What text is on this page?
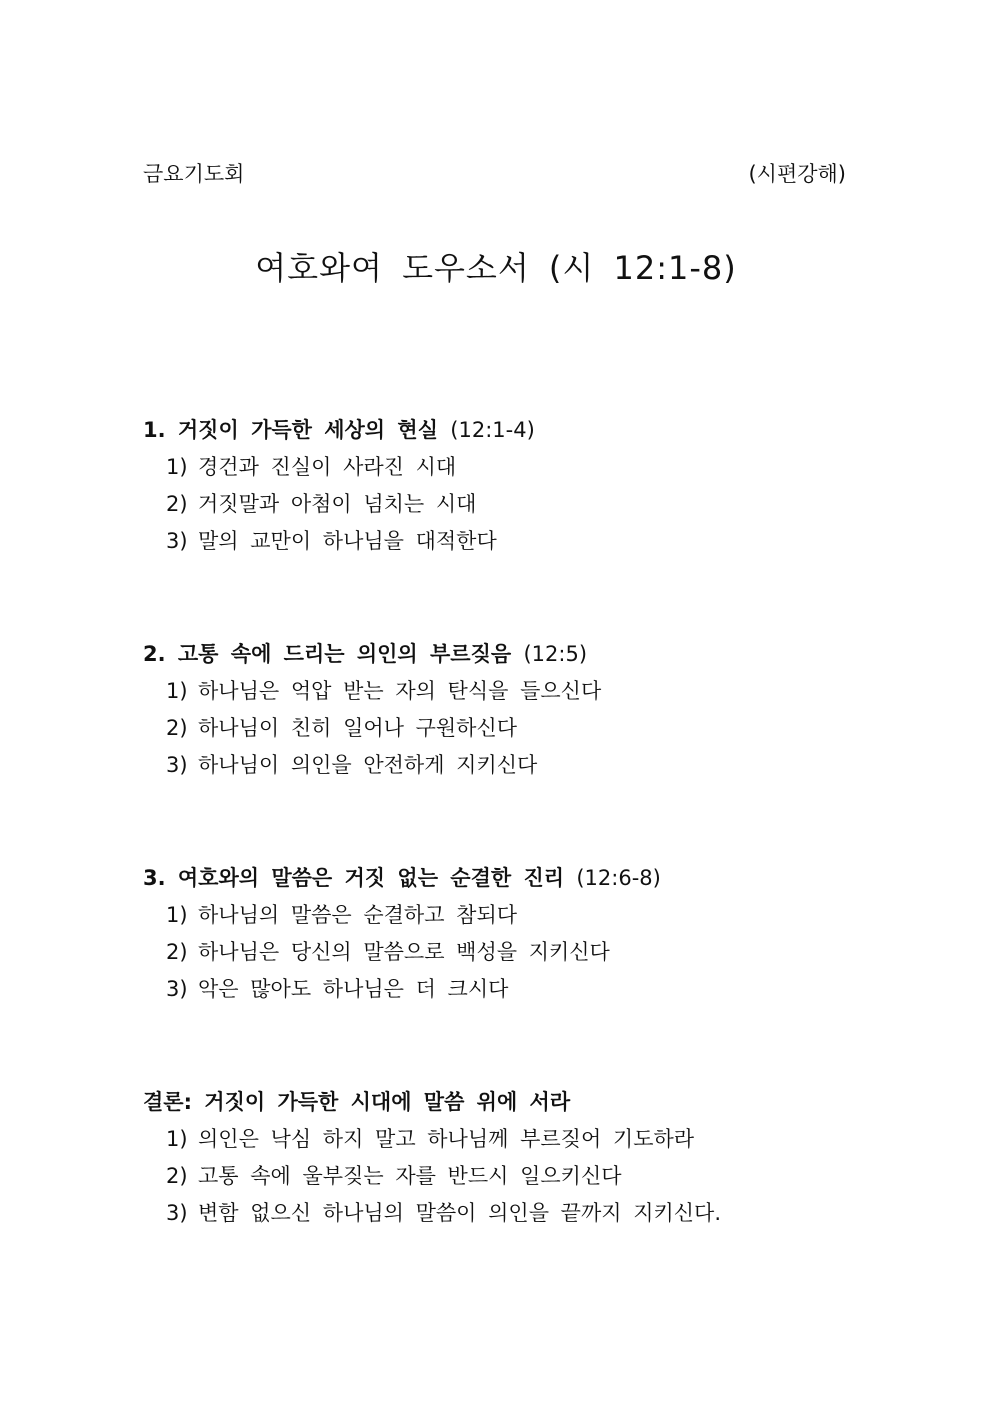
금요기도회	(시편강해)
여호와여 도우소서 (시 12:1-8)
1. 거짓이 가득한 세상의 현실 (12:1-4)
1) 경건과 진실이 사라진 시대
2) 거짓말과 아첨이 넘치는 시대
3) 말의 교만이 하나님을 대적한다
2. 고통 속에 드리는 의인의 부르짖음 (12:5)
1) 하나님은 억압 받는 자의 탄식을 들으신다
2) 하나님이 친히 일어나 구원하신다
3) 하나님이 의인을 안전하게 지키신다
3. 여호와의 말씀은 거짓 없는 순결한 진리 (12:6-8)
1) 하나님의 말씀은 순결하고 참되다
2) 하나님은 당신의 말씀으로 백성을 지키신다
3) 악은 많아도 하나님은 더 크시다
결론: 거짓이 가득한 시대에 말씀 위에 서라
1) 의인은 낙심 하지 말고 하나님께 부르짖어 기도하라
2) 고통 속에 울부짖는 자를 반드시 일으키신다
3) 변함 없으신 하나님의 말씀이 의인을 끝까지 지키신다.
